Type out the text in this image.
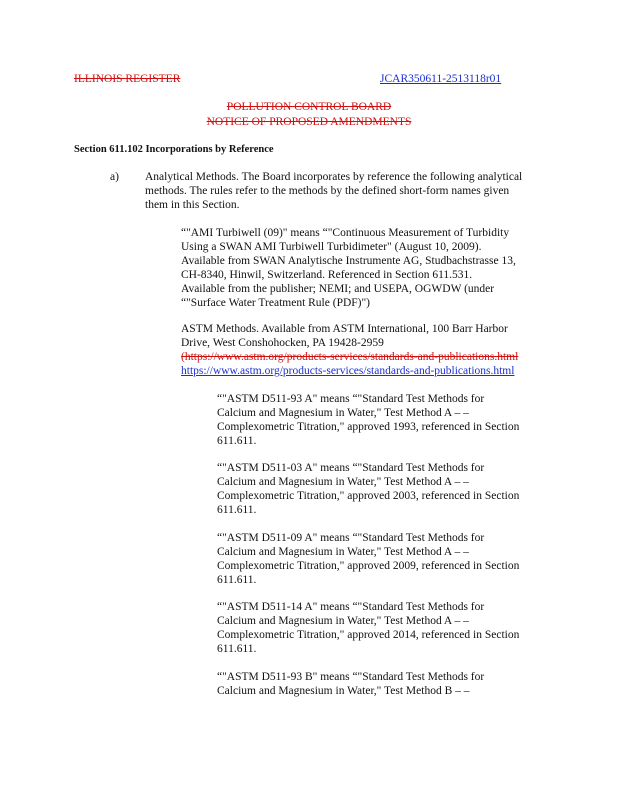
ILLINOIS REGISTER	JCAR350611-2513118r01
POLLUTION CONTROL BOARD
NOTICE OF PROPOSED AMENDMENTS
Section 611.102 Incorporations by Reference
a) Analytical Methods. The Board incorporates by reference the following analytical
methods. The rules refer to the methods by the defined short-form names given
them in this Section.
“"AMI Turbiwell (09)" means “"Continuous Measurement of Turbidity
Using a SWAN AMI Turbiwell Turbidimeter" (August 10, 2009).
Available from SWAN Analytische Instrumente AG, Studbachstrasse 13,
CH-8340, Hinwil, Switzerland. Referenced in Section 611.531.
Available from the publisher; NEMI; and USEPA, OGWDW (under
“"Surface Water Treatment Rule (PDF)")
ASTM Methods. Available from ASTM International, 100 Barr Harbor
Drive, West Conshohocken, PA 19428-2959
(https://www.astm.org/products-services/standards-and-publications.html
https://www.astm.org/products-services/standards-and-publications.html
“"ASTM D511-93 A" means “"Standard Test Methods for
Calcium and Magnesium in Water," Test Method A – –
Complexometric Titration," approved 1993, referenced in Section
611.611.
“"ASTM D511-03 A" means “"Standard Test Methods for
Calcium and Magnesium in Water," Test Method A – –
Complexometric Titration," approved 2003, referenced in Section
611.611.
“"ASTM D511-09 A" means “"Standard Test Methods for
Calcium and Magnesium in Water," Test Method A – –
Complexometric Titration," approved 2009, referenced in Section
611.611.
“"ASTM D511-14 A" means “"Standard Test Methods for
Calcium and Magnesium in Water," Test Method A – –
Complexometric Titration," approved 2014, referenced in Section
611.611.
“"ASTM D511-93 B" means “"Standard Test Methods for
Calcium and Magnesium in Water," Test Method B – –
